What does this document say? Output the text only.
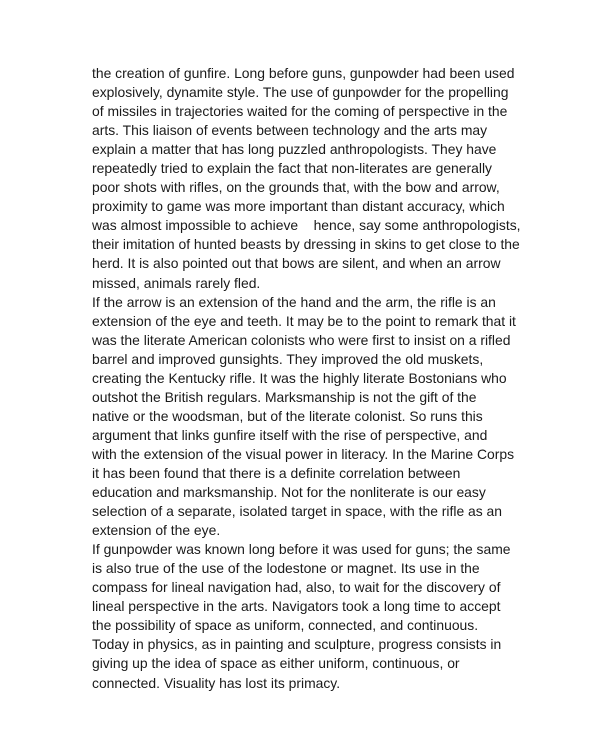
the creation of gunfire. Long before guns, gunpowder had been used
explosively, dynamite style. The use of gunpowder for the propelling
of missiles in trajectories waited for the coming of perspective in the
arts. This liaison of events between technology and the arts may
explain a matter that has long puzzled anthropologists. They have
repeatedly tried to explain the fact that non-literates are generally
poor shots with rifles, on the grounds that, with the bow and arrow,
proximity to game was more important than distant accuracy, which
was almost impossible to achieve    hence, say some anthropologists,
their imitation of hunted beasts by dressing in skins to get close to the
herd. It is also pointed out that bows are silent, and when an arrow
missed, animals rarely fled.
If the arrow is an extension of the hand and the arm, the rifle is an
extension of the eye and teeth. It may be to the point to remark that it
was the literate American colonists who were first to insist on a rifled
barrel and improved gunsights. They improved the old muskets,
creating the Kentucky rifle. It was the highly literate Bostonians who
outshot the British regulars. Marksmanship is not the gift of the
native or the woodsman, but of the literate colonist. So runs this
argument that links gunfire itself with the rise of perspective, and
with the extension of the visual power in literacy. In the Marine Corps
it has been found that there is a definite correlation between
education and marksmanship. Not for the nonliterate is our easy
selection of a separate, isolated target in space, with the rifle as an
extension of the eye.
If gunpowder was known long before it was used for guns; the same
is also true of the use of the lodestone or magnet. Its use in the
compass for lineal navigation had, also, to wait for the discovery of
lineal perspective in the arts. Navigators took a long time to accept
the possibility of space as uniform, connected, and continuous.
Today in physics, as in painting and sculpture, progress consists in
giving up the idea of space as either uniform, continuous, or
connected. Visuality has lost its primacy.
